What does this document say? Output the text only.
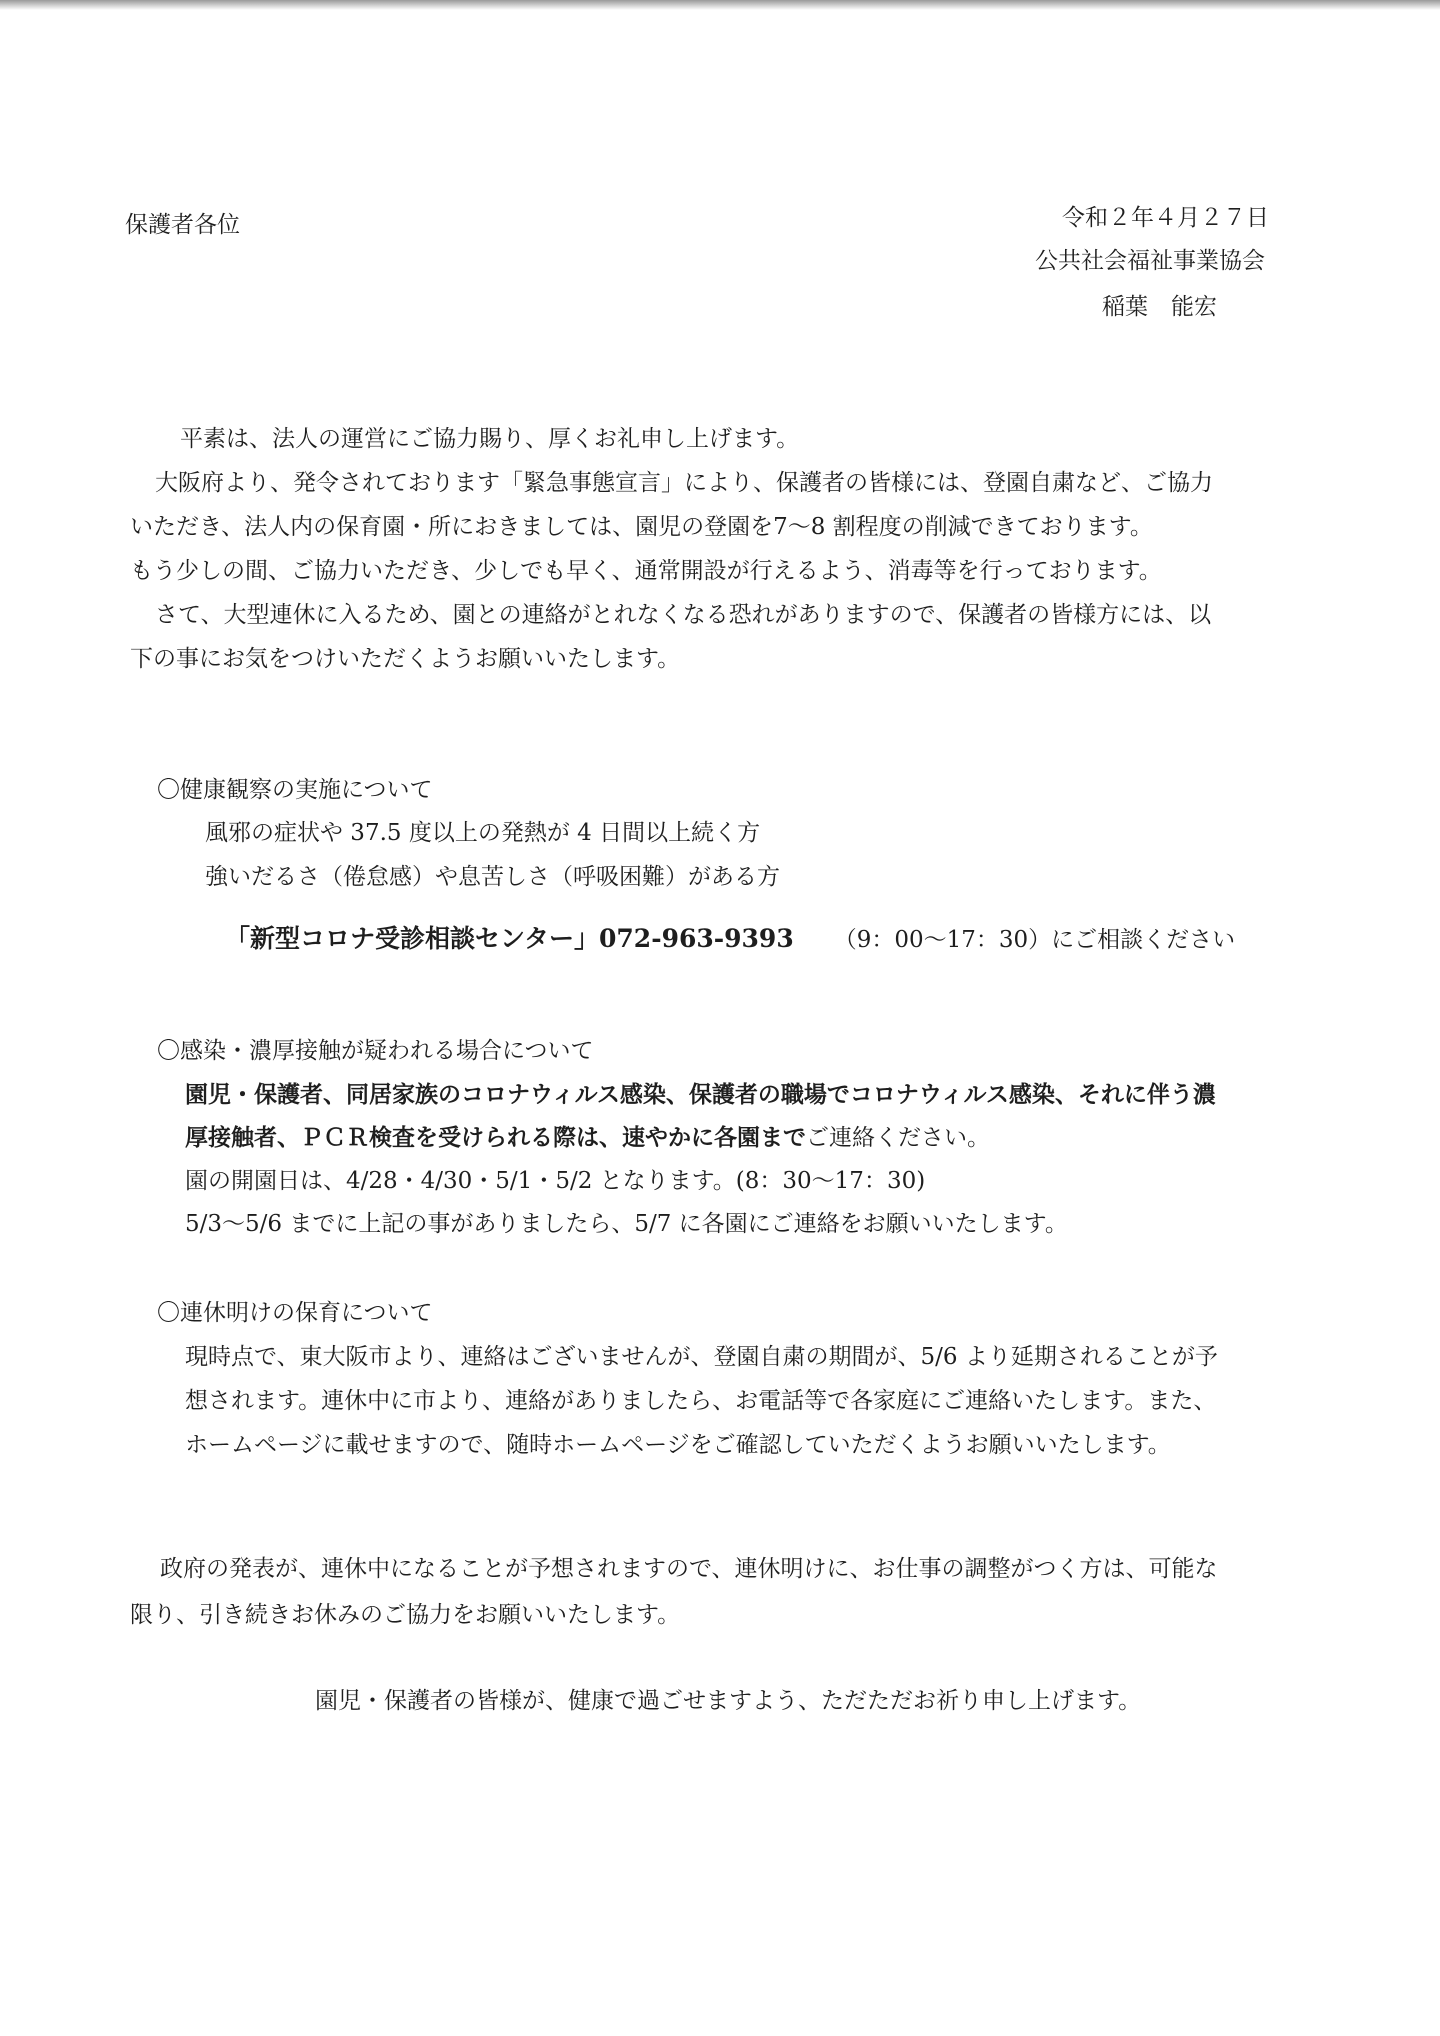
保護者各位	令和２年４月２７日
公共社会福祉事業協会
稲葉　能宏
平素は、法人の運営にご協力賜り、厚くお礼申し上げます。
大阪府より、発令されております「緊急事態宣言」により、保護者の皆様には、登園自粛など、ご協力
いただき、法人内の保育園・所におきましては、園児の登園を7〜8 割程度の削減できております。
もう少しの間、ご協力いただき、少しでも早く、通常開設が行えるよう、消毒等を行っております。
さて、大型連休に入るため、園との連絡がとれなくなる恐れがありますので、保護者の皆様方には、以
下の事にお気をつけいただくようお願いいたします。
〇健康観察の実施について
風邪の症状や 37.5 度以上の発熱が 4 日間以上続く方
強いだるさ（倦怠感）や息苦しさ（呼吸困難）がある方
「新型コロナ受診相談センター」072-963-9393 （9：00〜17：30）にご相談ください
〇感染・濃厚接触が疑われる場合について
園児・保護者、同居家族のコロナウィルス感染、保護者の職場でコロナウィルス感染、それに伴う濃
厚接触者、ＰＣＲ検査を受けられる際は、速やかに各園までご連絡ください。
園の開園日は、4/28・4/30・5/1・5/2 となります。(8：30〜17：30)
5/3〜5/6 までに上記の事がありましたら、5/7 に各園にご連絡をお願いいたします。
〇連休明けの保育について
現時点で、東大阪市より、連絡はございませんが、登園自粛の期間が、5/6 より延期されることが予
想されます。連休中に市より、連絡がありましたら、お電話等で各家庭にご連絡いたします。また、
ホームページに載せますので、随時ホームページをご確認していただくようお願いいたします。
政府の発表が、連休中になることが予想されますので、連休明けに、お仕事の調整がつく方は、可能な
限り、引き続きお休みのご協力をお願いいたします。
園児・保護者の皆様が、健康で過ごせますよう、ただただお祈り申し上げます。
